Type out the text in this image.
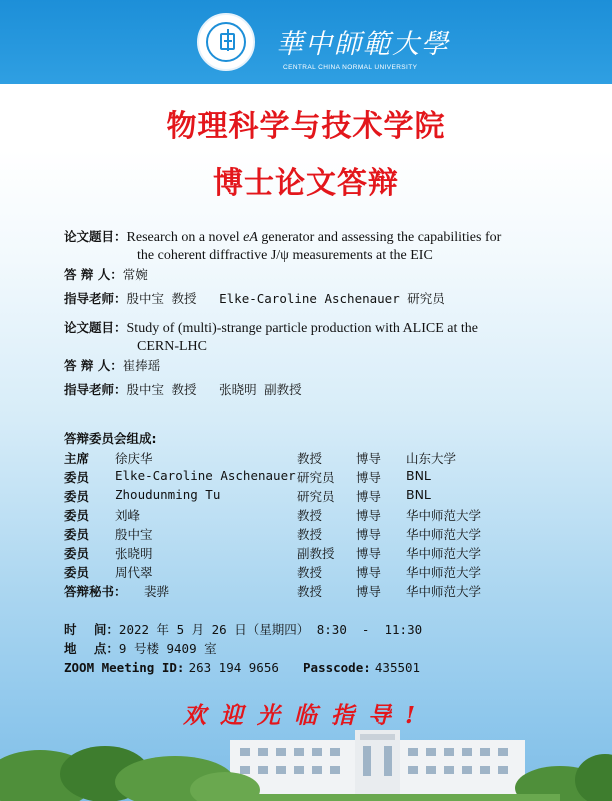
華中師範大學
CENTRAL CHINA NORMAL UNIVERSITY
物理科学与技术学院
博士论文答辩
论文题目：Research on a novel eA generator and assessing the capabilities for
the coherent diffractive J/ψ measurements at the EIC
答 辩 人：常婉
指导老师：殷中宝 教授   Elke-Caroline Aschenauer 研究员
论文题目：Study of (multi)-strange particle production with ALICE at the
CERN-LHC
答 辩 人：崔捧瑶
指导老师：殷中宝 教授   张晓明 副教授
答辩委员会组成:
主席 徐庆华	教授	博导 山东大学
委员 Elke-Caroline Aschenauer 研究员 博导 BNL
委员 Zhoudunming Tu	研究员 博导 BNL
委员 刘峰	教授	博导 华中师范大学
委员 殷中宝	教授	博导 华中师范大学
委员 张晓明	副教授 博导 华中师范大学
委员 周代翠	教授	博导 华中师范大学
答辩秘书： 裴骅	教授	博导 华中师范大学
时    间：2022 年 5 月 26 日（星期四） 8:30  -  11:30
地    点：9 号楼 9409 室
ZOOM Meeting ID: 263 194 9656 Passcode: 435501
欢迎光临指导!
